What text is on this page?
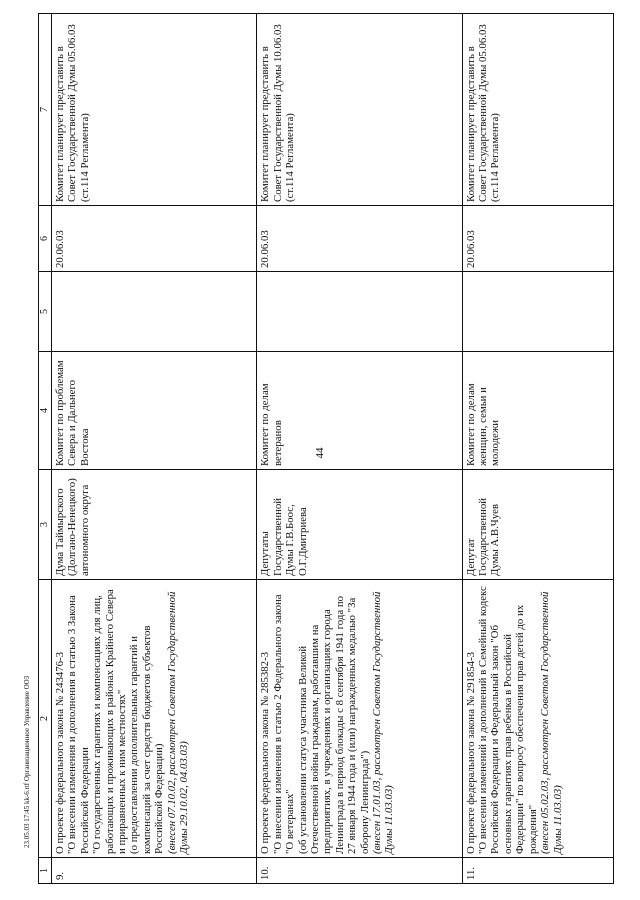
44
23.05.03 17:45 kk-6.rtf Организационное Управление ООЗ
1	2	3	4	5	6	7
9.	О проекте федерального закона № 243476-3 "О внесении изменения и дополнения в статью 3 Закона Российской Федерации "О государственных гарантиях и компенсациях для лиц, работающих и проживающих в районах Крайнего Севера и приравненных к ним местностях" (о предоставлении дополнительных гарантий и компенсаций за счет средств бюджетов субъектов Российской Федерации) (внесен 07.10.02, рассмотрен Советом Государственной Думы 29.10.02, 04.03.03)	Дума Таймырского (Долгано-Ненецкого) автономного округа	Комитет по проблемам Севера и Дальнего Востока		20.06.03	Комитет планирует представить в Совет Государственной Думы 05.06.03 (ст.114 Регламента)
10.	О проекте федерального закона № 285382-3 "О внесении изменения в статью 2 Федерального закона "О ветеранах" (об установлении статуса участника Великой Отечественной войны гражданам, работавшим на предприятиях, в учреждениях и организациях города Ленинграда в период блокады с 8 сентября 1941 года по 27 января 1944 года и (или) награжденных медалью "За оборону Ленинграда") (внесен 17.01.03, рассмотрен Советом Государственной Думы 11.03.03)	Депутаты Государственной Думы Г.В.Боос, О.Г.Дмитриева	Комитет по делам ветеранов		20.06.03	Комитет планирует представить в Совет Государственной Думы 10.06.03 (ст.114 Регламента)
11.	О проекте федерального закона № 291854-3 "О внесении изменений и дополнений в Семейный кодекс Российской Федерации и Федеральный закон "Об основных гарантиях прав ребенка в Российской Федерации" по вопросу обеспечения прав детей до их рождения" (внесен 05.02.03, рассмотрен Советом Государственной Думы 11.03.03)	Депутат Государственной Думы А.В.Чуев	Комитет по делам женщин, семьи и молодежи		20.06.03	Комитет планирует представить в Совет Государственной Думы 05.06.03 (ст.114 Регламента)
